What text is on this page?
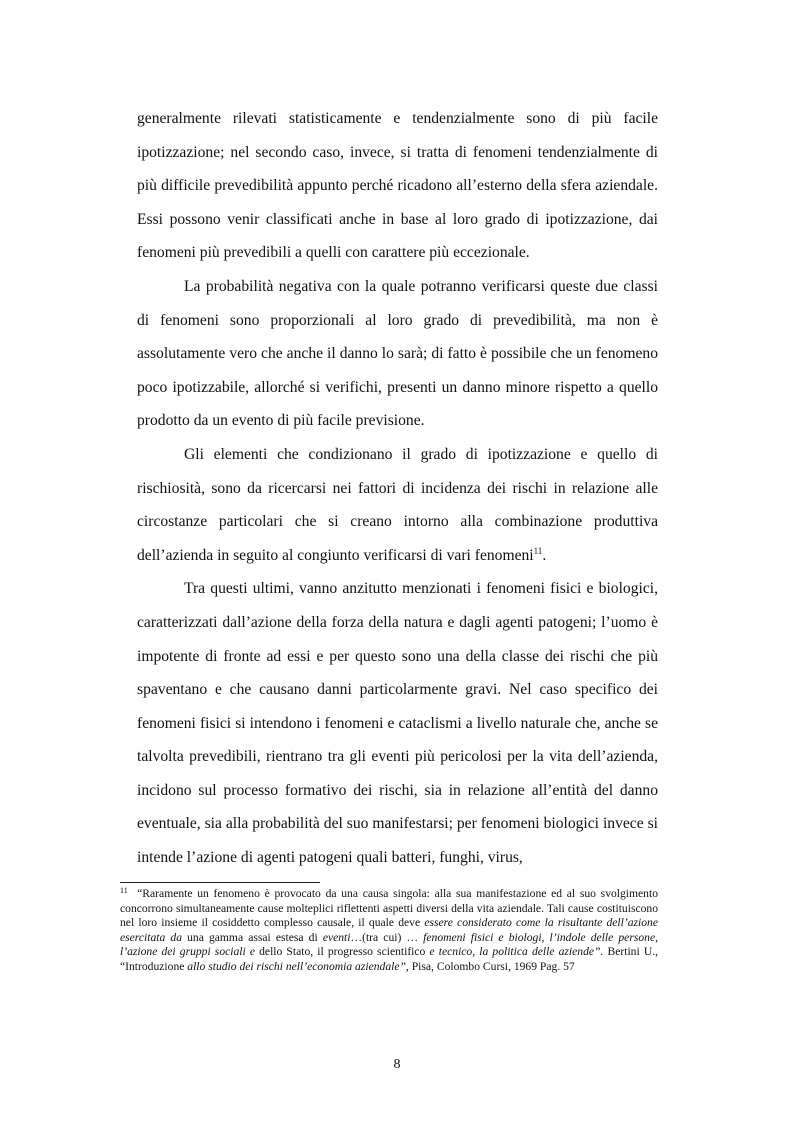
generalmente rilevati statisticamente e tendenzialmente sono di più facile ipotizzazione; nel secondo caso, invece, si tratta di fenomeni tendenzialmente di più difficile prevedibilità appunto perché ricadono all’esterno della sfera aziendale. Essi possono venir classificati anche in base al loro grado di ipotizzazione, dai fenomeni più prevedibili a quelli con carattere più eccezionale.

La probabilità negativa con la quale potranno verificarsi queste due classi di fenomeni sono proporzionali al loro grado di prevedibilità, ma non è assolutamente vero che anche il danno lo sarà; di fatto è possibile che un fenomeno poco ipotizzabile, allorché si verifichi, presenti un danno minore rispetto a quello prodotto da un evento di più facile previsione.

Gli elementi che condizionano il grado di ipotizzazione e quello di rischiosità, sono da ricercarsi nei fattori di incidenza dei rischi in relazione alle circostanze particolari che si creano intorno alla combinazione produttiva dell’azienda in seguito al congiunto verificarsi di vari fenomeni$^{11}$.

Tra questi ultimi, vanno anzitutto menzionati i fenomeni fisici e biologici, caratterizzati dall’azione della forza della natura e dagli agenti patogeni; l’uomo è impotente di fronte ad essi e per questo sono una della classe dei rischi che più spaventano e che causano danni particolarmente gravi. Nel caso specifico dei fenomeni fisici si intendono i fenomeni e cataclismi a livello naturale che, anche se talvolta prevedibili, rientrano tra gli eventi più pericolosi per la vita dell’azienda, incidono sul processo formativo dei rischi, sia in relazione all’entità del danno eventuale, sia alla probabilità del suo manifestarsi; per fenomeni biologici invece si intende l’azione di agenti patogeni quali batteri, funghi, virus,

$^{11}$ “Raramente un fenomeno è provocato da una causa singola: alla sua manifestazione ed al suo svolgimento concorrono simultaneamente cause molteplici riflettenti aspetti diversi della vita aziendale. Tali cause costituiscono nel loro insieme il cosiddetto complesso causale, il quale deve essere considerato come la risultante dell’azione esercitata da una gamma assai estesa di eventi…(tra cui) … fenomeni fisici e biologi, l’indole delle persone, l’azione dei gruppi sociali e dello Stato, il progresso scientifico e tecnico, la politica delle aziende”. Bertini U., “Introduzione allo studio dei rischi nell’economia aziendale”, Pisa, Colombo Cursi, 1969 Pag. 57
8
